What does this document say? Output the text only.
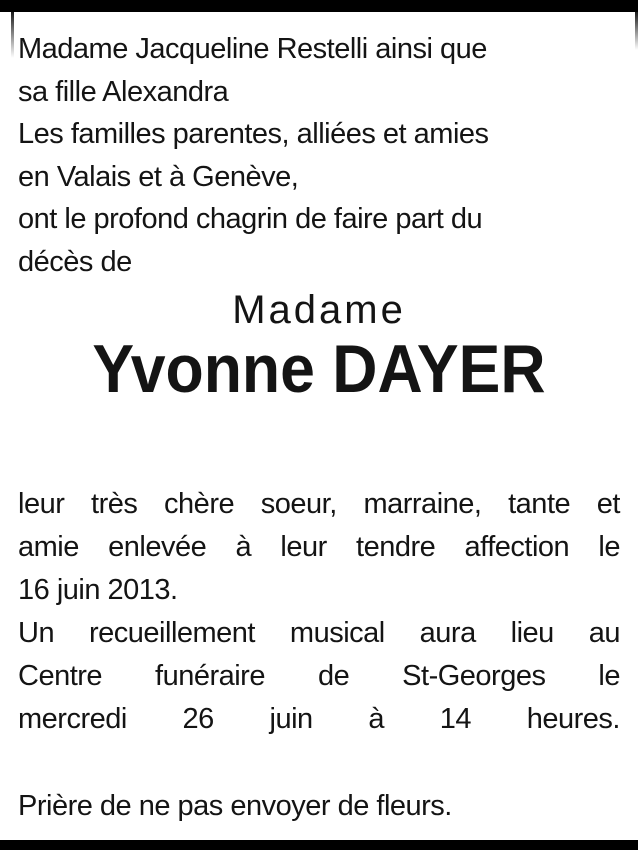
Madame Jacqueline Restelli ainsi que
sa fille Alexandra
Les familles parentes, alliées et amies
en Valais et à Genève,
ont le profond chagrin de faire part du
décès de
Madame
Yvonne DAYER
leur très chère soeur, marraine, tante et
amie enlevée à leur tendre affection le
16 juin 2013.
Un recueillement musical aura lieu au
Centre funéraire de St-Georges le
mercredi 26 juin à 14 heures.
Prière de ne pas envoyer de fleurs.
